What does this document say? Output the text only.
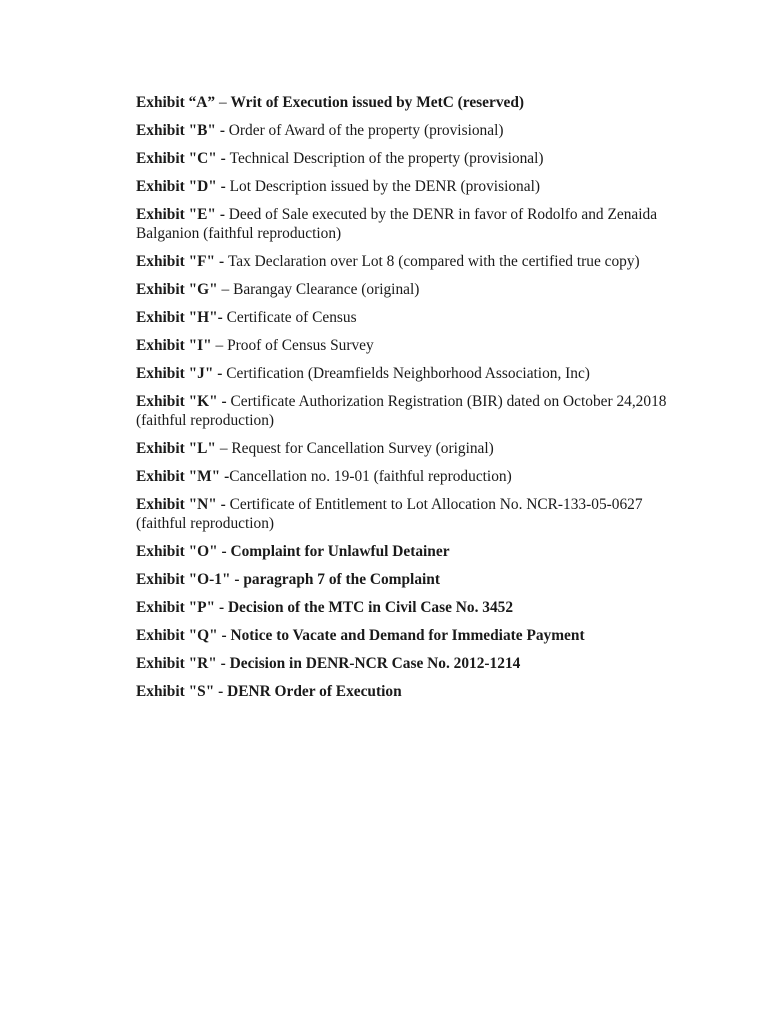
Exhibit “A” – Writ of Execution issued by MetC (reserved)
Exhibit "B" - Order of Award of the property (provisional)
Exhibit "C" - Technical Description of the property (provisional)
Exhibit "D" - Lot Description issued by the DENR (provisional)
Exhibit "E" - Deed of Sale executed by the DENR in favor of Rodolfo and Zenaida Balganion (faithful reproduction)
Exhibit "F" - Tax Declaration over Lot 8 (compared with the certified true copy)
Exhibit "G" – Barangay Clearance (original)
Exhibit "H"- Certificate of Census
Exhibit "I" – Proof of Census Survey
Exhibit "J" - Certification (Dreamfields Neighborhood Association, Inc)
Exhibit "K" - Certificate Authorization Registration (BIR) dated on October 24,2018 (faithful reproduction)
Exhibit "L" – Request for Cancellation Survey (original)
Exhibit "M" -Cancellation no. 19-01 (faithful reproduction)
Exhibit "N" - Certificate of Entitlement to Lot Allocation No. NCR-133-05-0627 (faithful reproduction)
Exhibit "O" - Complaint for Unlawful Detainer
Exhibit "O-1" - paragraph 7 of the Complaint
Exhibit "P" - Decision of the MTC in Civil Case No. 3452
Exhibit "Q" - Notice to Vacate and Demand for Immediate Payment
Exhibit "R" - Decision in DENR-NCR Case No. 2012-1214
Exhibit "S" - DENR Order of Execution
